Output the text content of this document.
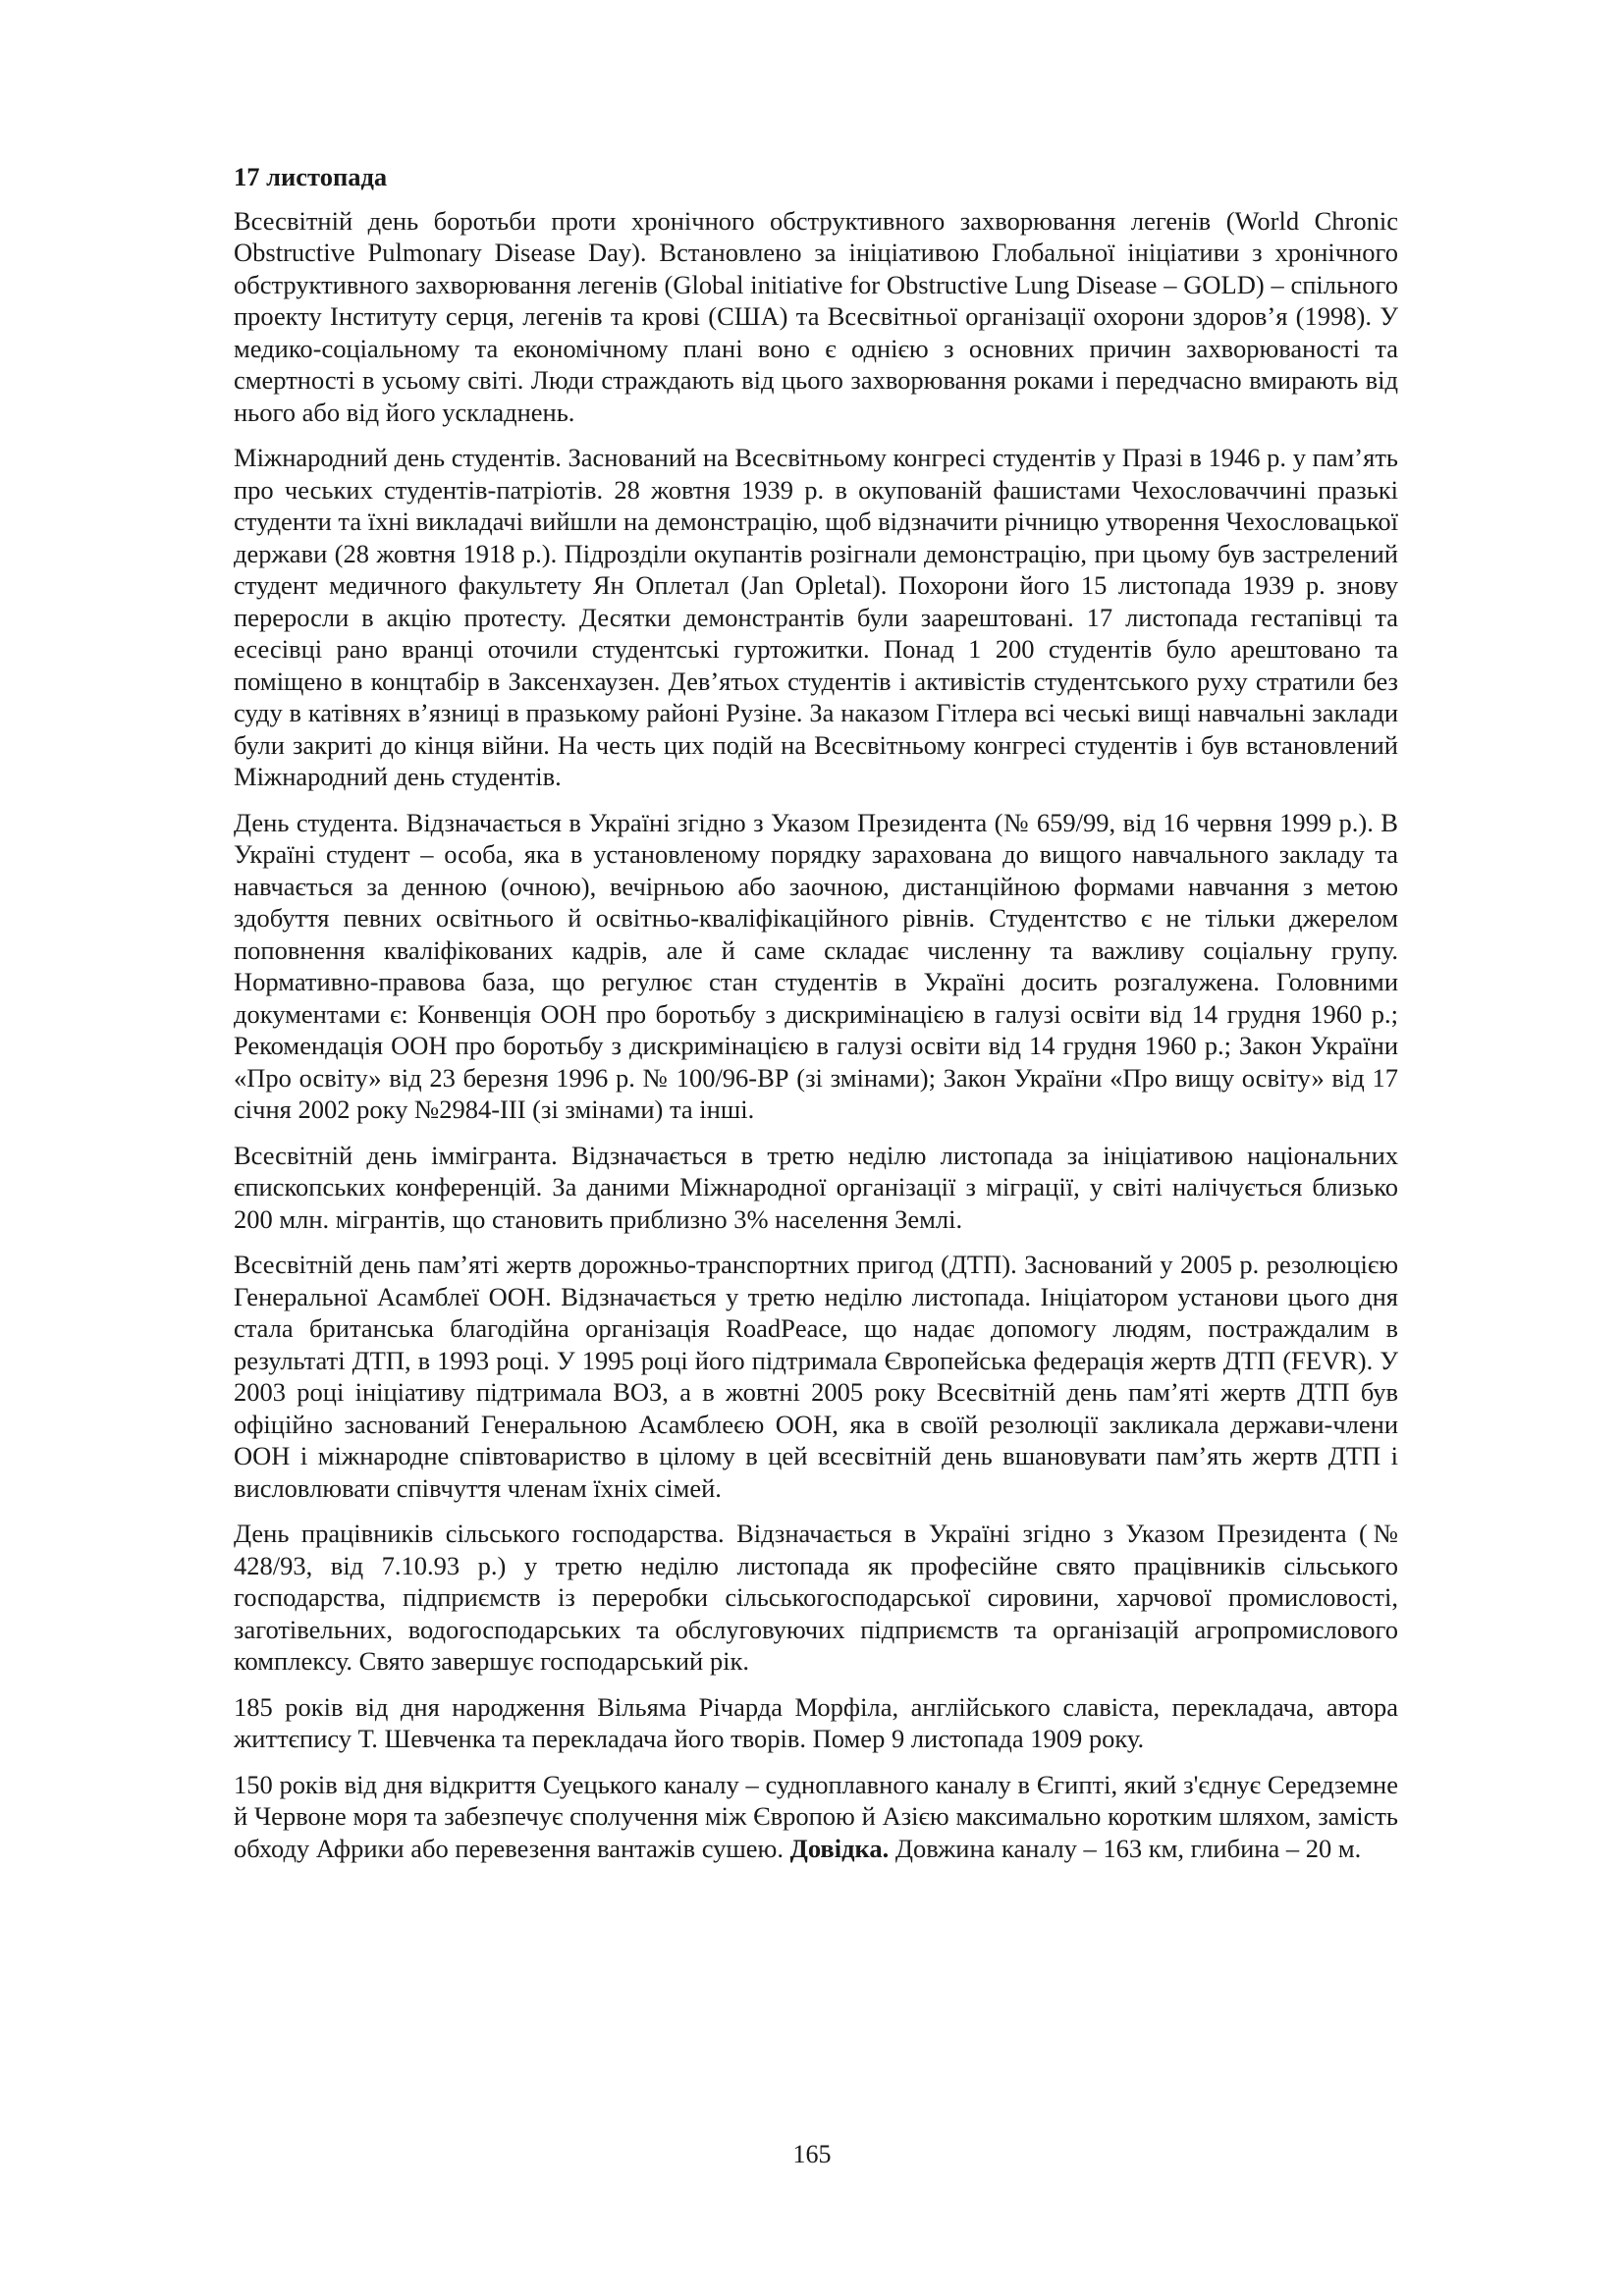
17 листопада

Всесвітній день боротьби проти хронічного обструктивного захворювання легенів (World Chronic Obstructive Pulmonary Disease Day). Встановлено за ініціативою Глобальної ініціативи з хронічного обструктивного захворювання легенів (Global initiative for Obstructive Lung Disease – GOLD) – спільного проекту Інституту серця, легенів та крові (США) та Всесвітньої організації охорони здоров’я (1998). У медико-соціальному та економічному плані воно є однією з основних причин захворюваності та смертності в усьому світі. Люди страждають від цього захворювання роками і передчасно вмирають від нього або від його ускладнень.

Міжнародний день студентів. Заснований на Всесвітньому конгресі студентів у Празі в 1946 р. у пам’ять про чеських студентів-патріотів. 28 жовтня 1939 р. в окупованій фашистами Чехословаччині празькі студенти та їхні викладачі вийшли на демонстрацію, щоб відзначити річницю утворення Чехословацької держави (28 жовтня 1918 р.). Підрозділи окупантів розігнали демонстрацію, при цьому був застрелений студент медичного факультету Ян Оплетал (Jan Opletal). Похорони його 15 листопада 1939 р. знову переросли в акцію протесту. Десятки демонстрантів були заарештовані. 17 листопада гестапівці та есесівці рано вранці оточили студентські гуртожитки. Понад 1 200 студентів було арештовано та поміщено в концтабір в Заксенхаузен. Дев’ятьох студентів і активістів студентського руху стратили без суду в катівнях в’язниці в празькому районі Рузіне. За наказом Гітлера всі чеські вищі навчальні заклади були закриті до кінця війни. На честь цих подій на Всесвітньому конгресі студентів і був встановлений Міжнародний день студентів.

День студента. Відзначається в Україні згідно з Указом Президента (№ 659/99, від 16 червня 1999 р.). В Україні студент – особа, яка в установленому порядку зарахована до вищого навчального закладу та навчається за денною (очною), вечірньою або заочною, дистанційною формами навчання з метою здобуття певних освітнього й освітньо-кваліфікаційного рівнів. Студентство є не тільки джерелом поповнення кваліфікованих кадрів, але й саме складає численну та важливу соціальну групу. Нормативно-правова база, що регулює стан студентів в Україні досить розгалужена. Головними документами є: Конвенція ООН про боротьбу з дискримінацією в галузі освіти від 14 грудня 1960 р.; Рекомендація ООН про боротьбу з дискримінацією в галузі освіти від 14 грудня 1960 р.; Закон України «Про освіту» від 23 березня 1996 р. № 100/96-ВР (зі змінами); Закон України «Про вищу освіту» від 17 січня 2002 року №2984-ІІІ (зі змінами) та інші.

Всесвітній день іммігранта. Відзначається в третю неділю листопада за ініціативою національних єпископських конференцій. За даними Міжнародної організації з міграції, у світі налічується близько 200 млн. мігрантів, що становить приблизно 3% населення Землі.

Всесвітній день пам’яті жертв дорожньо-транспортних пригод (ДТП). Заснований у 2005 р. резолюцією Генеральної Асамблеї ООН. Відзначається у третю неділю листопада. Ініціатором установи цього дня стала британська благодійна організація RoadPeace, що надає допомогу людям, постраждалим в результаті ДТП, в 1993 році. У 1995 році його підтримала Європейська федерація жертв ДТП (FEVR). У 2003 році ініціативу підтримала ВОЗ, а в жовтні 2005 року Всесвітній день пам’яті жертв ДТП був офіційно заснований Генеральною Асамблеєю ООН, яка в своїй резолюції закликала держави-члени ООН і міжнародне співтовариство в цілому в цей всесвітній день вшановувати пам’ять жертв ДТП і висловлювати співчуття членам їхніх сімей.

День працівників сільського господарства. Відзначається в Україні згідно з Указом Президента (№ 428/93, від 7.10.93 р.) у третю неділю листопада як професійне свято працівників сільського господарства, підприємств із переробки сільськогосподарської сировини, харчової промисловості, заготівельних, водогосподарських та обслуговуючих підприємств та організацій агропромислового комплексу. Свято завершує господарський рік.

185 років від дня народження Вільяма Річарда Морфіла, англійського славіста, перекладача, автора життєпису Т. Шевченка та перекладача його творів. Помер 9 листопада 1909 року.

150 років від дня відкриття Суецького каналу – судноплавного каналу в Єгипті, який з'єднує Середземне й Червоне моря та забезпечує сполучення між Європою й Азією максимально коротким шляхом, замість обходу Африки або перевезення вантажів сушею. Довідка. Довжина каналу – 163 км, глибина – 20 м.

165
